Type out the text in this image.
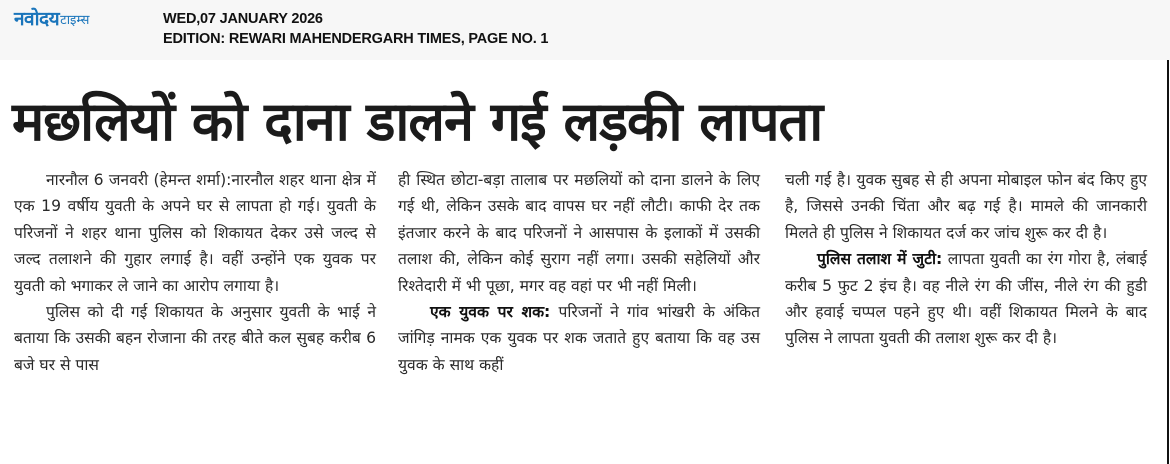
नवोदय टाइम्स	WED,07 JANUARY 2026
EDITION: REWARI MAHENDERGARH TIMES, PAGE NO. 1
मछलियों को दाना डालने गई लड़की लापता

नारनौल 6 जनवरी (हेमन्त शर्मा):नारनौल शहर थाना क्षेत्र में एक 19 वर्षीय युवती के अपने घर से लापता हो गई। युवती के परिजनों ने शहर थाना पुलिस को शिकायत देकर उसे जल्द से जल्द तलाशने की गुहार लगाई है। वहीं उन्होंने एक युवक पर युवती को भगाकर ले जाने का आरोप लगाया है।

पुलिस को दी गई शिकायत के अनुसार युवती के भाई ने बताया कि उसकी बहन रोजाना की तरह बीते कल सुबह करीब 6 बजे घर से पास

ही स्थित छोटा-बड़ा तालाब पर मछलियों को दाना डालने के लिए गई थी, लेकिन उसके बाद वापस घर नहीं लौटी। काफी देर तक इंतजार करने के बाद परिजनों ने आसपास के इलाकों में उसकी तलाश की, लेकिन कोई सुराग नहीं लगा। उसकी सहेलियों और रिश्तेदारी में भी पूछा, मगर वह वहां पर भी नहीं मिली।

एक युवक पर शक: परिजनों ने गांव भांखरी के अंकित जांगिड़ नामक एक युवक पर शक जताते हुए बताया कि वह उस युवक के साथ कहीं

चली गई है। युवक सुबह से ही अपना मोबाइल फोन बंद किए हुए है, जिससे उनकी चिंता और बढ़ गई है। मामले की जानकारी मिलते ही पुलिस ने शिकायत दर्ज कर जांच शुरू कर दी है।

पुलिस तलाश में जुटी: लापता युवती का रंग गोरा है, लंबाई करीब 5 फुट 2 इंच है। वह नीले रंग की जींस, नीले रंग की हुडी और हवाई चप्पल पहने हुए थी। वहीं शिकायत मिलने के बाद पुलिस ने लापता युवती की तलाश शुरू कर दी है।
